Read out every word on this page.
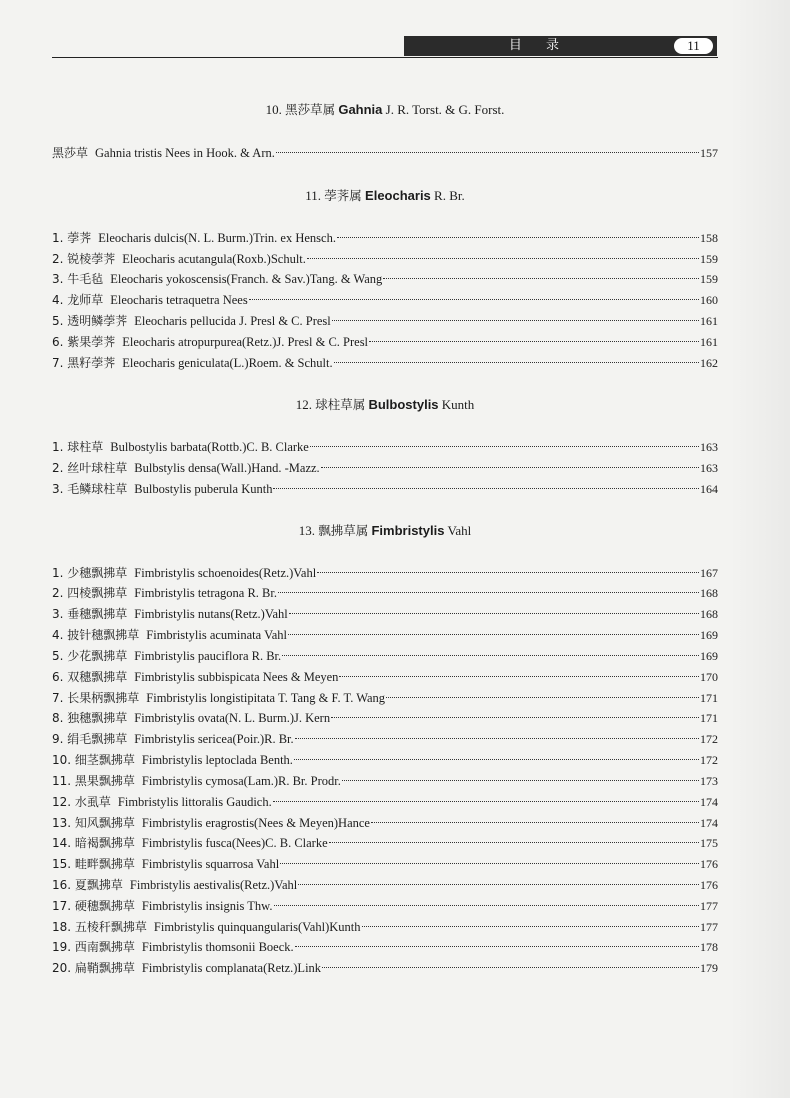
目 录	11
10. 黑莎草属 Gahnia J. R. Torst. & G. Forst.
黑莎草 Gahnia tristis Nees in Hook. & Arn.	157
11. 荸荠属 Eleocharis R. Br.
1. 荸荠 Eleocharis dulcis(N. L. Burm.)Trin. ex Hensch.	158
2. 锐棱荸荠 Eleocharis acutangula(Roxb.)Schult.	159
3. 牛毛毡 Eleocharis yokoscensis(Franch. & Sav.)Tang. & Wang	159
4. 龙师草 Eleocharis tetraquetra Nees	160
5. 透明鳞荸荠 Eleocharis pellucida J. Presl & C. Presl	161
6. 紫果荸荠 Eleocharis atropurpurea(Retz.)J. Presl & C. Presl	161
7. 黑籽荸荠 Eleocharis geniculata(L.)Roem. & Schult.	162
12. 球柱草属 Bulbostylis Kunth
1. 球柱草 Bulbostylis barbata(Rottb.)C. B. Clarke	163
2. 丝叶球柱草 Bulbstylis densa(Wall.)Hand. -Mazz.	163
3. 毛鳞球柱草 Bulbostylis puberula Kunth	164
13. 飘拂草属 Fimbristylis Vahl
1. 少穗飘拂草 Fimbristylis schoenoides(Retz.)Vahl	167
2. 四棱飘拂草 Fimbristylis tetragona R. Br.	168
3. 垂穗飘拂草 Fimbristylis nutans(Retz.)Vahl	168
4. 披针穗飘拂草 Fimbristylis acuminata Vahl	169
5. 少花飘拂草 Fimbristylis pauciflora R. Br.	169
6. 双穗飘拂草 Fimbristylis subbispicata Nees & Meyen	170
7. 长果柄飘拂草 Fimbristylis longistipitata T. Tang & F. T. Wang	171
8. 独穗飘拂草 Fimbristylis ovata(N. L. Burm.)J. Kern	171
9. 绢毛飘拂草 Fimbristylis sericea(Poir.)R. Br.	172
10. 细茎飘拂草 Fimbristylis leptoclada Benth.	172
11. 黑果飘拂草 Fimbristylis cymosa(Lam.)R. Br. Prodr.	173
12. 水虱草 Fimbristylis littoralis Gaudich.	174
13. 知风飘拂草 Fimbristylis eragrostis(Nees & Meyen)Hance	174
14. 暗褐飘拂草 Fimbristylis fusca(Nees)C. B. Clarke	175
15. 畦畔飘拂草 Fimbristylis squarrosa Vahl	176
16. 夏飘拂草 Fimbristylis aestivalis(Retz.)Vahl	176
17. 硬穗飘拂草 Fimbristylis insignis Thw.	177
18. 五棱秆飘拂草 Fimbristylis quinquangularis(Vahl)Kunth	177
19. 西南飘拂草 Fimbristylis thomsonii Boeck.	178
20. 扁鞘飘拂草 Fimbristylis complanata(Retz.)Link	179
